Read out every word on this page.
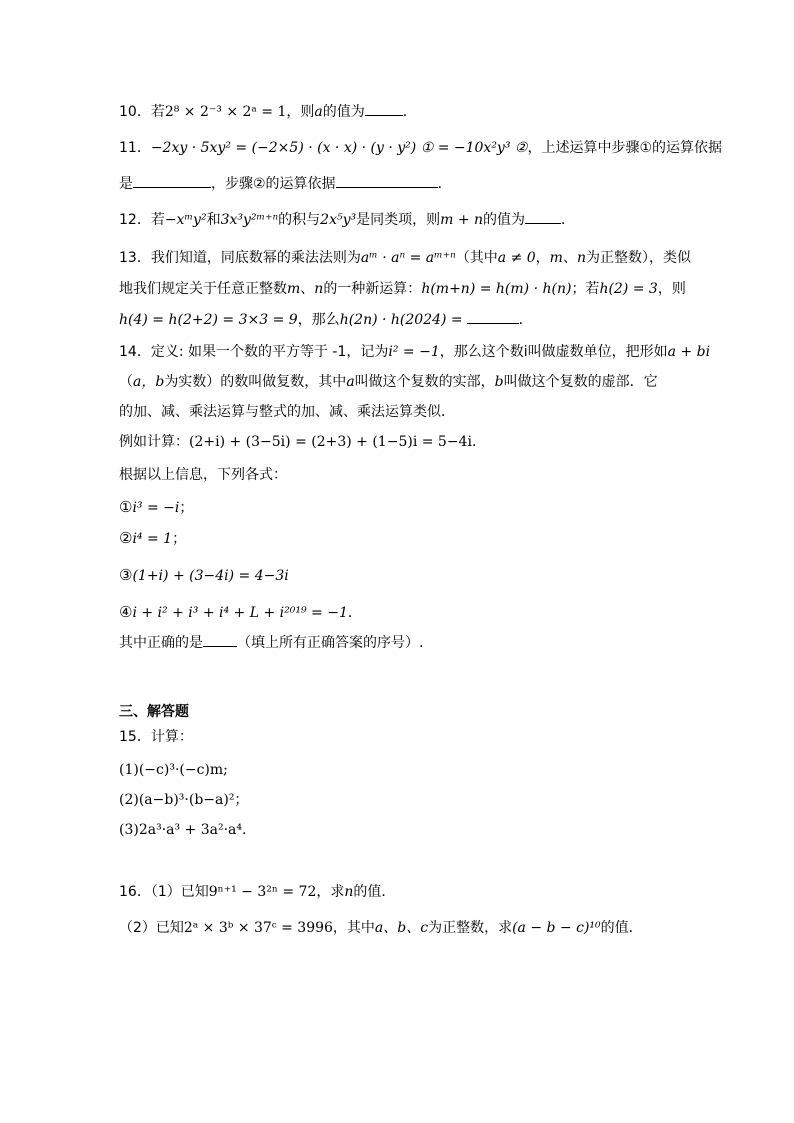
10．若2⁸ × 2⁻³ × 2ᵃ = 1，则a的值为	．
11．−2xy · 5xy² = (−2×5) · (x · x) · (y · y²) ① = −10x²y³ ②，上述运算中步骤①的运算依据
是	，步骤②的运算依据	．
12．若−xᵐy²和3x³y²ᵐ⁺ⁿ的积与2x⁵y³是同类项，则m + n的值为	．
13．我们知道，同底数幂的乘法法则为aᵐ · aⁿ = aᵐ⁺ⁿ（其中a ≠ 0，m、n为正整数），类似
地我们规定关于任意正整数m、n的一种新运算：h(m+n) = h(m) · h(n)；若h(2) = 3，则
h(4) = h(2+2) = 3×3 = 9，那么h(2n) · h(2024) =	．
14．定义: 如果一个数的平方等于 -1，记为i² = −1，那么这个数i叫做虚数单位，把形如a + bi
（a，b为实数）的数叫做复数，其中a叫做这个复数的实部，b叫做这个复数的虚部．它
的加、减、乘法运算与整式的加、减、乘法运算类似．
例如计算：(2+i) + (3−5i) = (2+3) + (1−5)i = 5−4i．
根据以上信息，下列各式：
①i³ = −i；
②i⁴ = 1；
③(1+i) + (3−4i) = 4−3i
④i + i² + i³ + i⁴ + L + i²⁰¹⁹ = −1．
其中正确的是 （填上所有正确答案的序号）.
三、解答题
15．计算：
(1)(−c)³·(−c)m;
(2)(a−b)³·(b−a)²；
(3)2a³·a³ + 3a²·a⁴.
16．（1）已知9ⁿ⁺¹ − 3²ⁿ = 72，求n的值．
（2）已知2ᵃ × 3ᵇ × 37ᶜ = 3996，其中a、b、c为正整数，求(a − b − c)¹⁰的值．
